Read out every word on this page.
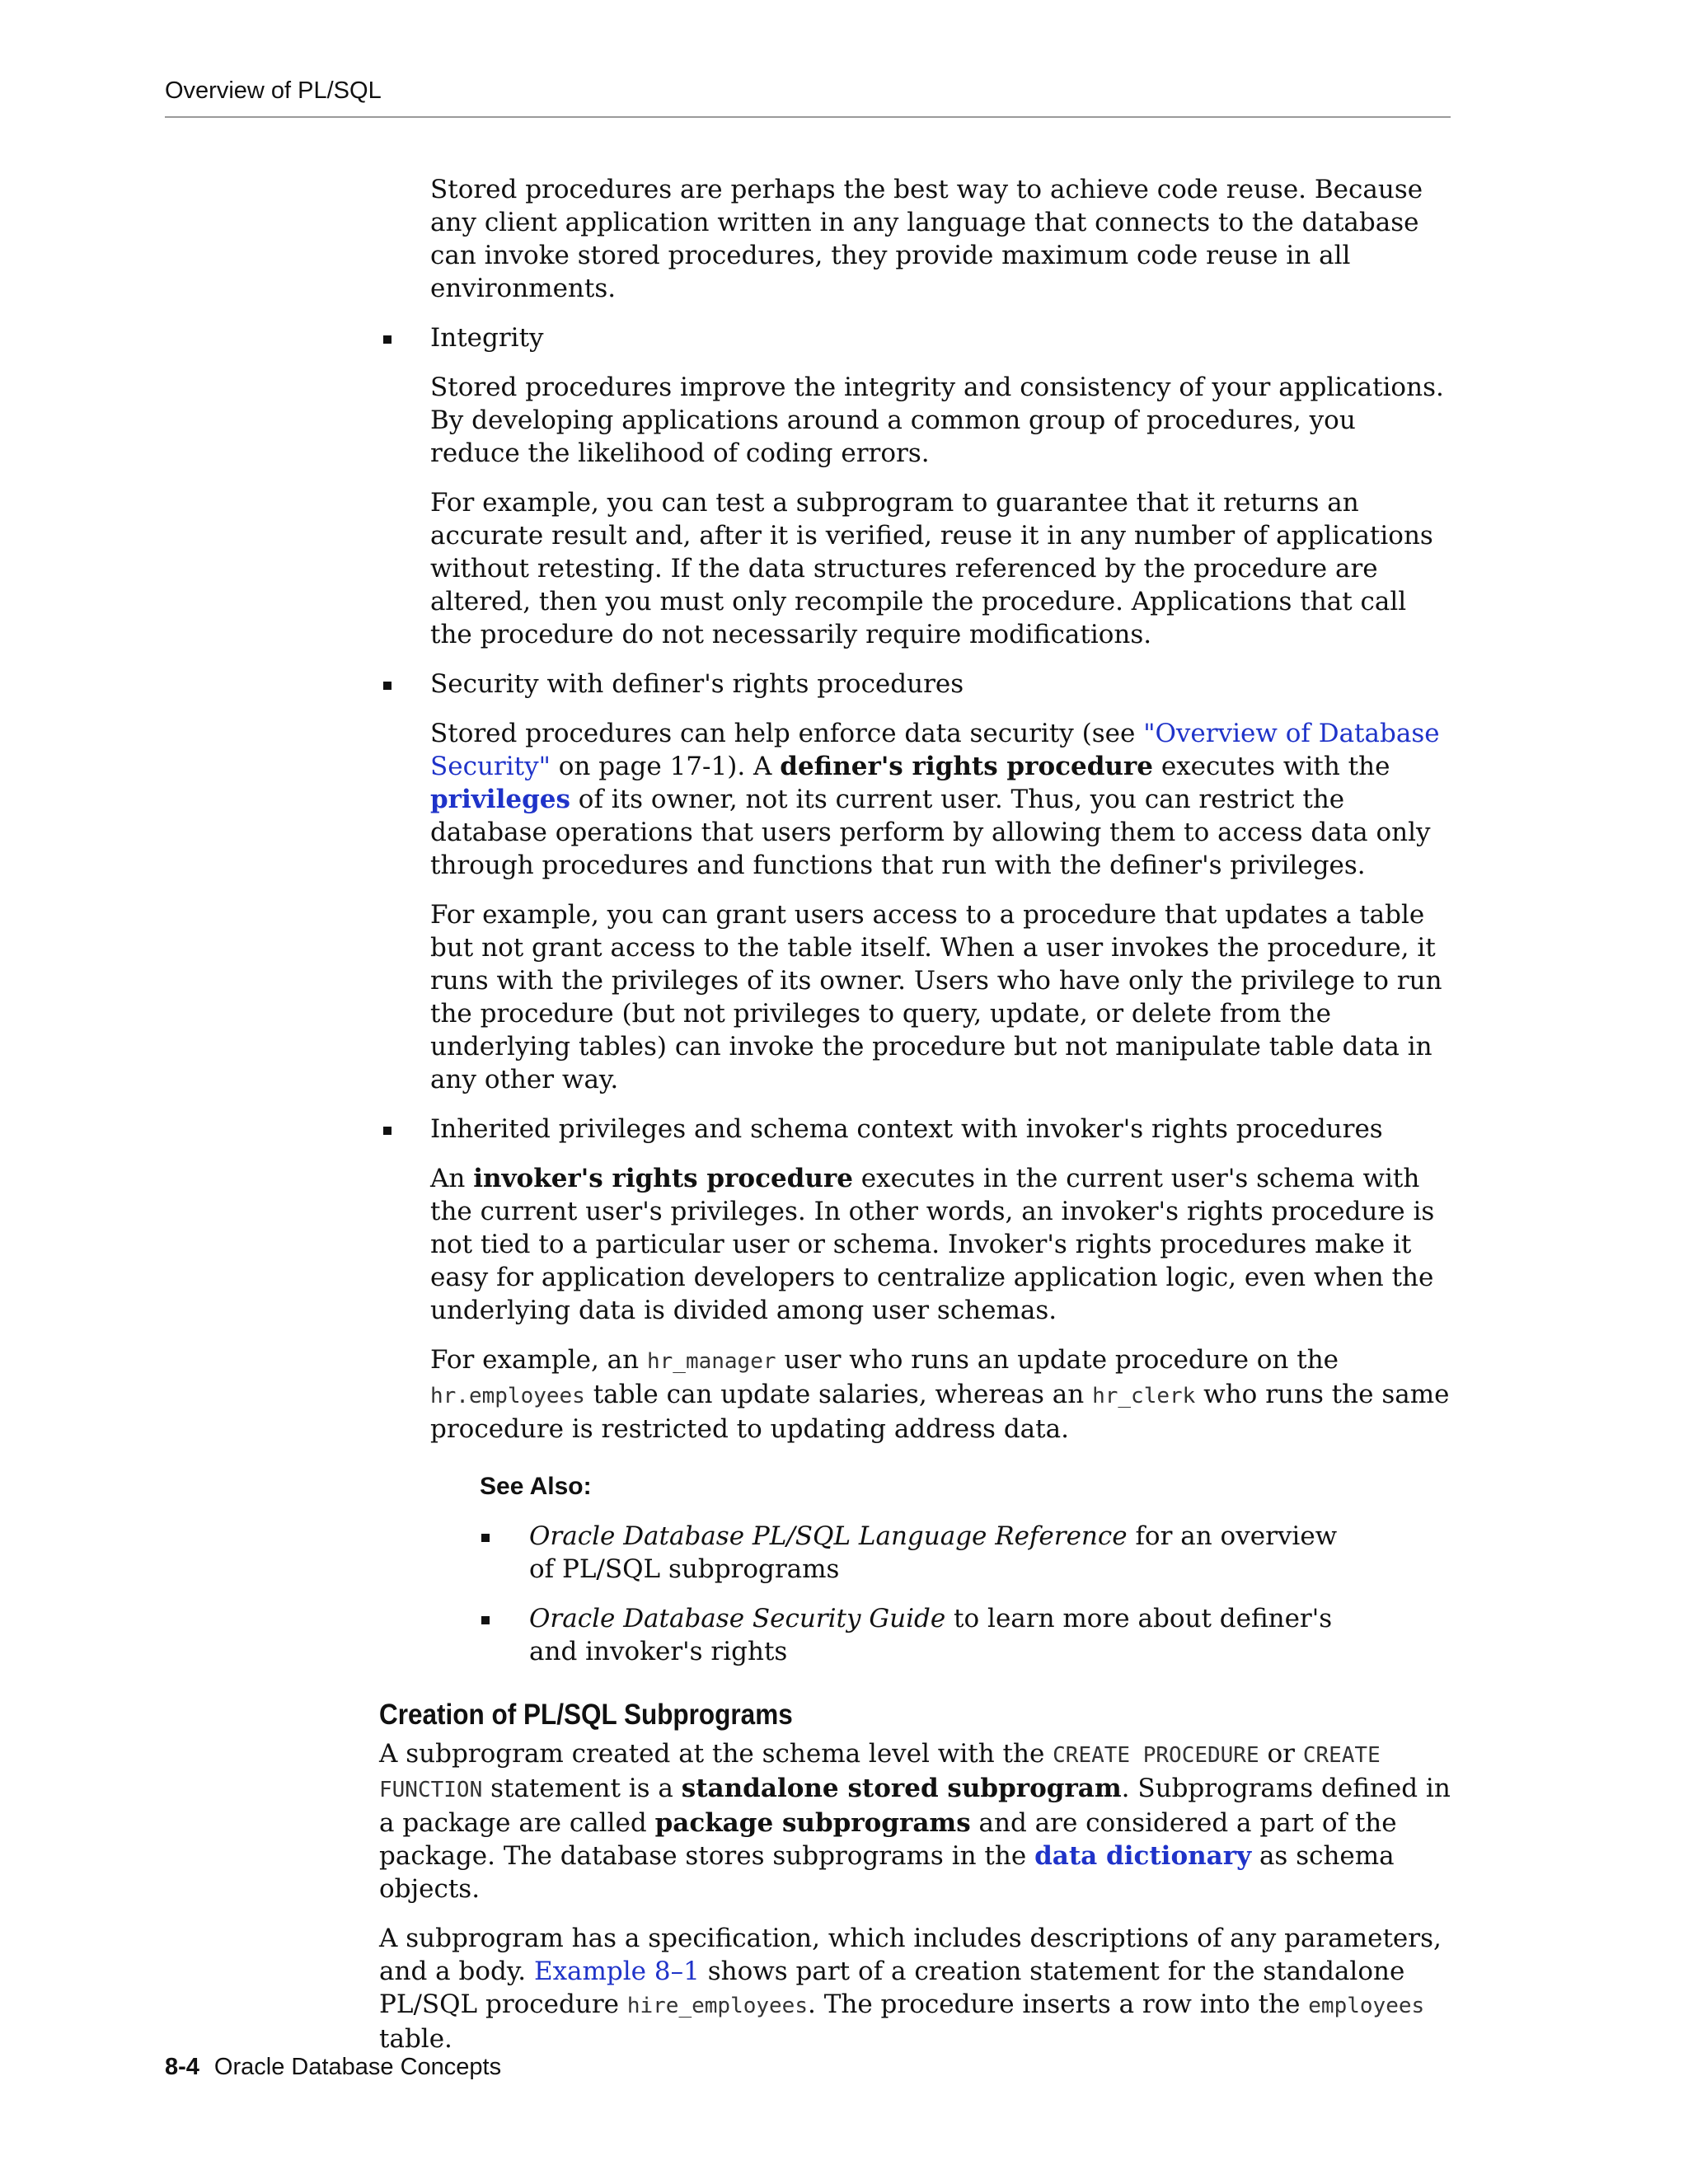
Overview of PL/SQL

Stored procedures are perhaps the best way to achieve code reuse. Because any client application written in any language that connects to the database can invoke stored procedures, they provide maximum code reuse in all environments.

Integrity

Stored procedures improve the integrity and consistency of your applications. By developing applications around a common group of procedures, you reduce the likelihood of coding errors.

For example, you can test a subprogram to guarantee that it returns an accurate result and, after it is verified, reuse it in any number of applications without retesting. If the data structures referenced by the procedure are altered, then you must only recompile the procedure. Applications that call the procedure do not necessarily require modifications.

Security with definer's rights procedures

Stored procedures can help enforce data security (see "Overview of Database Security" on page 17-1). A definer's rights procedure executes with the privileges of its owner, not its current user. Thus, you can restrict the database operations that users perform by allowing them to access data only through procedures and functions that run with the definer's privileges.

For example, you can grant users access to a procedure that updates a table but not grant access to the table itself. When a user invokes the procedure, it runs with the privileges of its owner. Users who have only the privilege to run the procedure (but not privileges to query, update, or delete from the underlying tables) can invoke the procedure but not manipulate table data in any other way.

Inherited privileges and schema context with invoker's rights procedures

An invoker's rights procedure executes in the current user's schema with the current user's privileges. In other words, an invoker's rights procedure is not tied to a particular user or schema. Invoker's rights procedures make it easy for application developers to centralize application logic, even when the underlying data is divided among user schemas.

For example, an hr_manager user who runs an update procedure on the hr.employees table can update salaries, whereas an hr_clerk who runs the same procedure is restricted to updating address data.

See Also:

Oracle Database PL/SQL Language Reference for an overview of PL/SQL subprograms
Oracle Database Security Guide to learn more about definer's and invoker's rights
Creation of PL/SQL Subprograms

A subprogram created at the schema level with the CREATE PROCEDURE or CREATE FUNCTION statement is a standalone stored subprogram. Subprograms defined in a package are called package subprograms and are considered a part of the package. The database stores subprograms in the data dictionary as schema objects.

A subprogram has a specification, which includes descriptions of any parameters, and a body. Example 8–1 shows part of a creation statement for the standalone PL/SQL procedure hire_employees. The procedure inserts a row into the employees table.

8-4 Oracle Database Concepts
